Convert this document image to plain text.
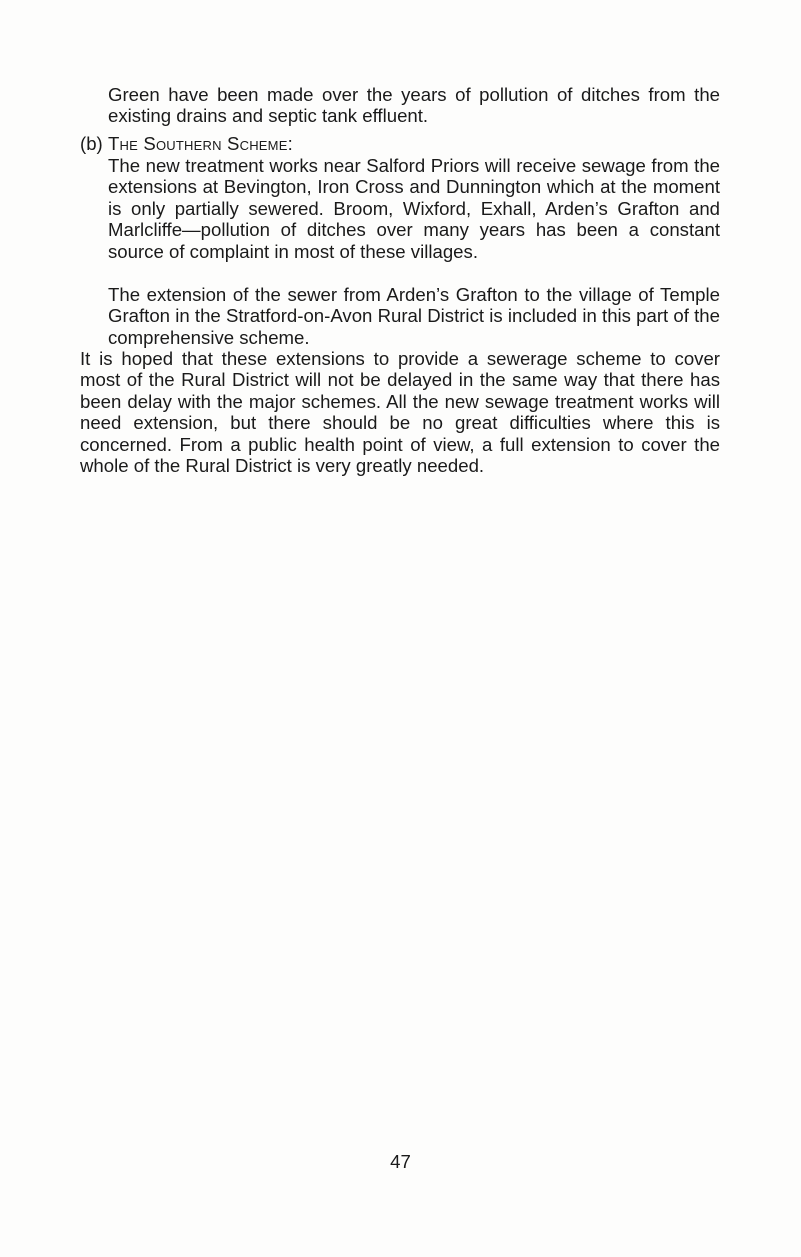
Green have been made over the years of pollution of ditches from the existing drains and septic tank effluent.

(b) The Southern Scheme:

The new treatment works near Salford Priors will receive sewage from the extensions at Bevington, Iron Cross and Dunnington which at the moment is only partially sewered. Broom, Wixford, Exhall, Arden’s Grafton and Marlcliffe—pollution of ditches over many years has been a constant source of complaint in most of these villages.

The extension of the sewer from Arden’s Grafton to the village of Temple Grafton in the Stratford-on-Avon Rural District is included in this part of the comprehensive scheme.

It is hoped that these extensions to provide a sewerage scheme to cover most of the Rural District will not be delayed in the same way that there has been delay with the major schemes. All the new sewage treatment works will need extension, but there should be no great difficulties where this is concerned. From a public health point of view, a full extension to cover the whole of the Rural District is very greatly needed.

47
